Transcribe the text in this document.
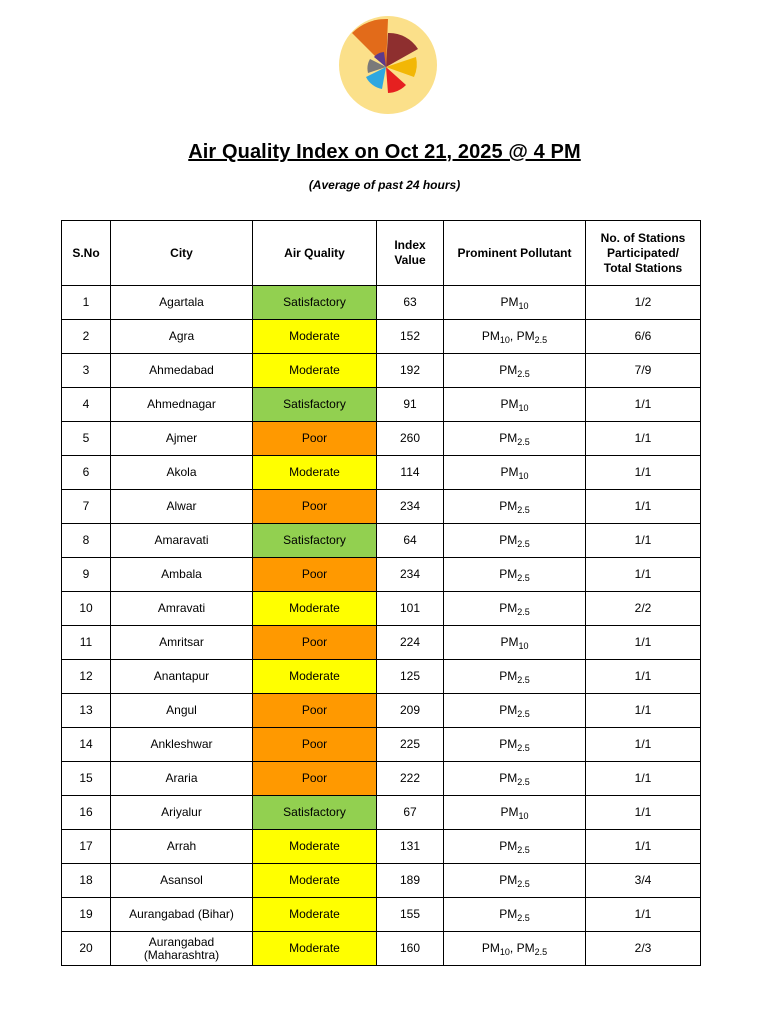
Air Quality Index on Oct 21, 2025 @ 4 PM
(Average of past 24 hours)
S.No	City	Air Quality	Index Value	Prominent Pollutant	No. of Stations Participated/ Total Stations
1	Agartala	Satisfactory	63	$PM_{10}$	1/2
2	Agra	Moderate	152	$PM_{10}$, $PM_{2.5}$	6/6
3	Ahmedabad	Moderate	192	$PM_{2.5}$	7/9
4	Ahmednagar	Satisfactory	91	$PM_{10}$	1/1
5	Ajmer	Poor	260	$PM_{2.5}$	1/1
6	Akola	Moderate	114	$PM_{10}$	1/1
7	Alwar	Poor	234	$PM_{2.5}$	1/1
8	Amaravati	Satisfactory	64	$PM_{2.5}$	1/1
9	Ambala	Poor	234	$PM_{2.5}$	1/1
10	Amravati	Moderate	101	$PM_{2.5}$	2/2
11	Amritsar	Poor	224	$PM_{10}$	1/1
12	Anantapur	Moderate	125	$PM_{2.5}$	1/1
13	Angul	Poor	209	$PM_{2.5}$	1/1
14	Ankleshwar	Poor	225	$PM_{2.5}$	1/1
15	Araria	Poor	222	$PM_{2.5}$	1/1
16	Ariyalur	Satisfactory	67	$PM_{10}$	1/1
17	Arrah	Moderate	131	$PM_{2.5}$	1/1
18	Asansol	Moderate	189	$PM_{2.5}$	3/4
19	Aurangabad (Bihar)	Moderate	155	$PM_{2.5}$	1/1
20	Aurangabad (Maharashtra)	Moderate	160	$PM_{10}$, $PM_{2.5}$	2/3
